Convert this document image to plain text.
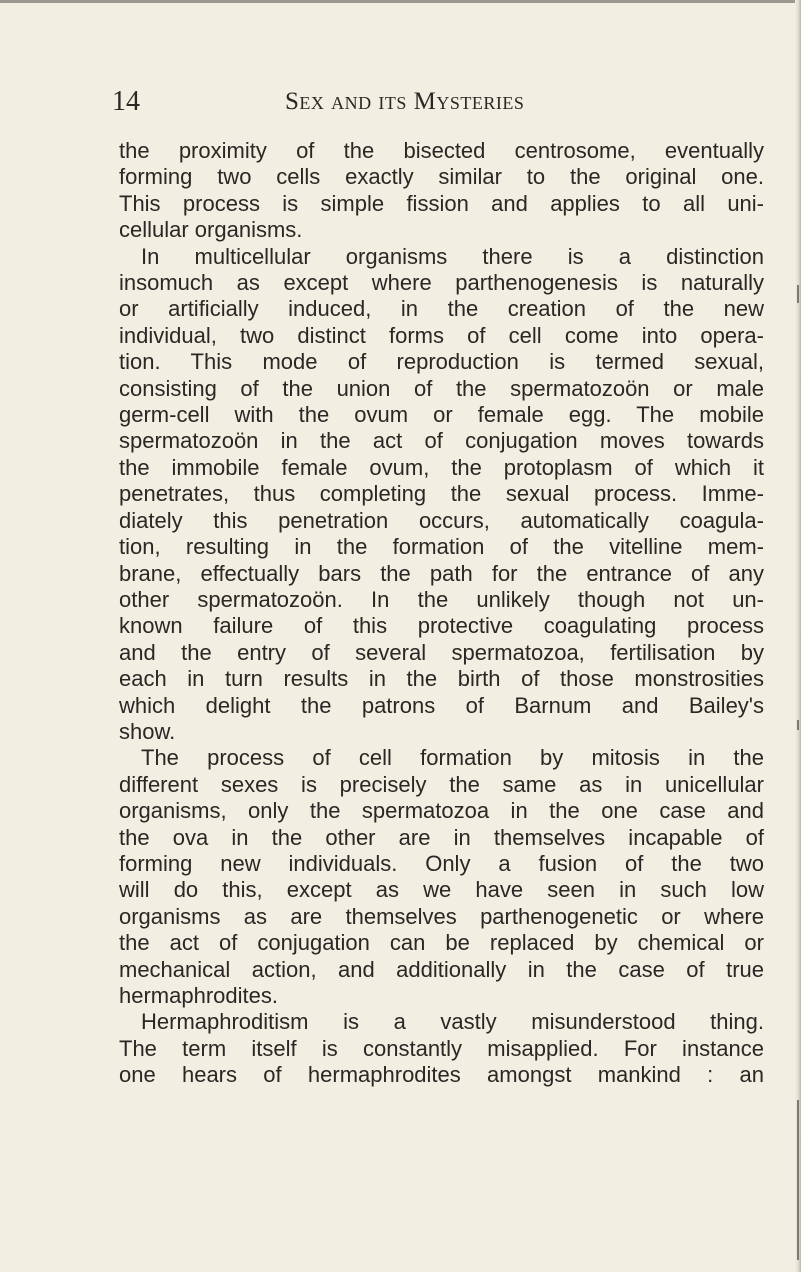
14	Sex and its Mysteries
the proximity of the bisected centrosome, eventually
forming two cells exactly similar to the original one.
This process is simple fission and applies to all uni-
cellular organisms.
In multicellular organisms there is a distinction
insomuch as except where parthenogenesis is naturally
or artificially induced, in the creation of the new
individual, two distinct forms of cell come into opera-
tion. This mode of reproduction is termed sexual,
consisting of the union of the spermatozoön or male
germ-cell with the ovum or female egg. The mobile
spermatozoön in the act of conjugation moves towards
the immobile female ovum, the protoplasm of which it
penetrates, thus completing the sexual process. Imme-
diately this penetration occurs, automatically coagula-
tion, resulting in the formation of the vitelline mem-
brane, effectually bars the path for the entrance of any
other spermatozoön. In the unlikely though not un-
known failure of this protective coagulating process
and the entry of several spermatozoa, fertilisation by
each in turn results in the birth of those monstrosities
which delight the patrons of Barnum and Bailey's
show.
The process of cell formation by mitosis in the
different sexes is precisely the same as in unicellular
organisms, only the spermatozoa in the one case and
the ova in the other are in themselves incapable of
forming new individuals. Only a fusion of the two
will do this, except as we have seen in such low
organisms as are themselves parthenogenetic or where
the act of conjugation can be replaced by chemical or
mechanical action, and additionally in the case of true
hermaphrodites.
Hermaphroditism is a vastly misunderstood thing.
The term itself is constantly misapplied. For instance
one hears of hermaphrodites amongst mankind : an
